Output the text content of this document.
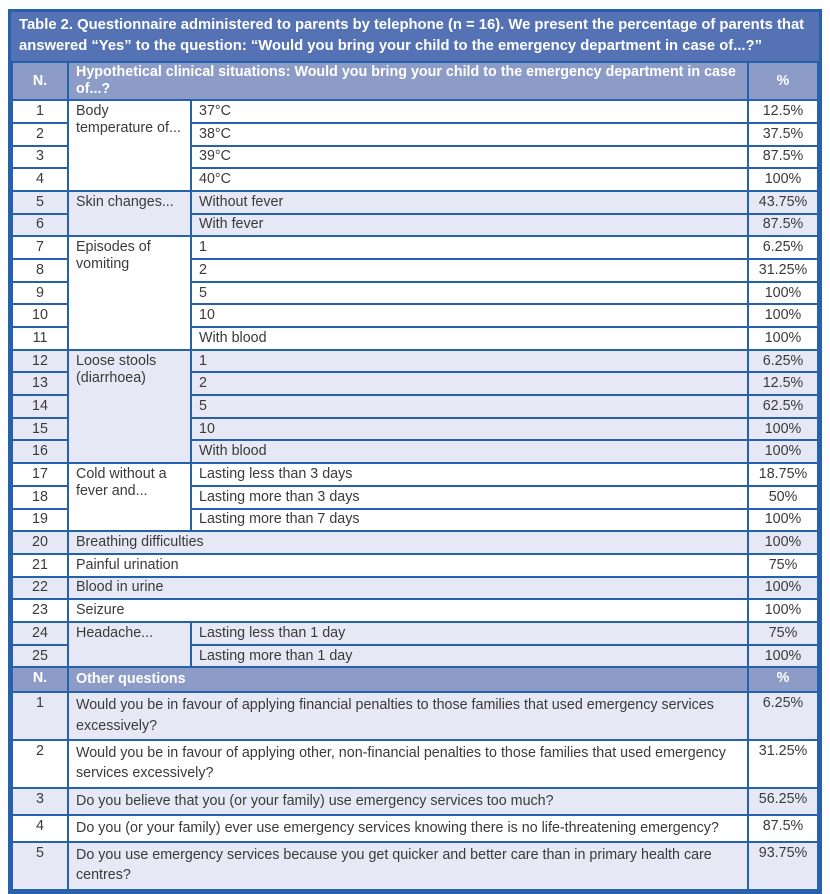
Table 2. Questionnaire administered to parents by telephone (n = 16). We present the percentage of parents that answered “Yes” to the question: “Would you bring your child to the emergency department in case of...?”
N.	Hypothetical clinical situations: Would you bring your child to the emergency department in case of...?		%
1	Body temperature of...	37°C	12.5%
2		38°C	37.5%
3		39°C	87.5%
4		40°C	100%
5	Skin changes...	Without fever	43.75%
6		With fever	87.5%
7	Episodes of vomiting	1	6.25%
8		2	31.25%
9		5	100%
10		10	100%
11		With blood	100%
12	Loose stools (diarrhoea)	1	6.25%
13		2	12.5%
14		5	62.5%
15		10	100%
16		With blood	100%
17	Cold without a fever and...	Lasting less than 3 days	18.75%
18		Lasting more than 3 days	50%
19		Lasting more than 7 days	100%
20	Breathing difficulties		100%
21	Painful urination		75%
22	Blood in urine		100%
23	Seizure		100%
24	Headache...	Lasting less than 1 day	75%
25		Lasting more than 1 day	100%
N.	Other questions		%
1	Would you be in favour of applying financial penalties to those families that used emergency services excessively?		6.25%
2	Would you be in favour of applying other, non-financial penalties to those families that used emergency services excessively?		31.25%
3	Do you believe that you (or your family) use emergency services too much?		56.25%
4	Do you (or your family) ever use emergency services knowing there is no life-threatening emergency?		87.5%
5	Do you use emergency services because you get quicker and better care than in primary health care centres?		93.75%
